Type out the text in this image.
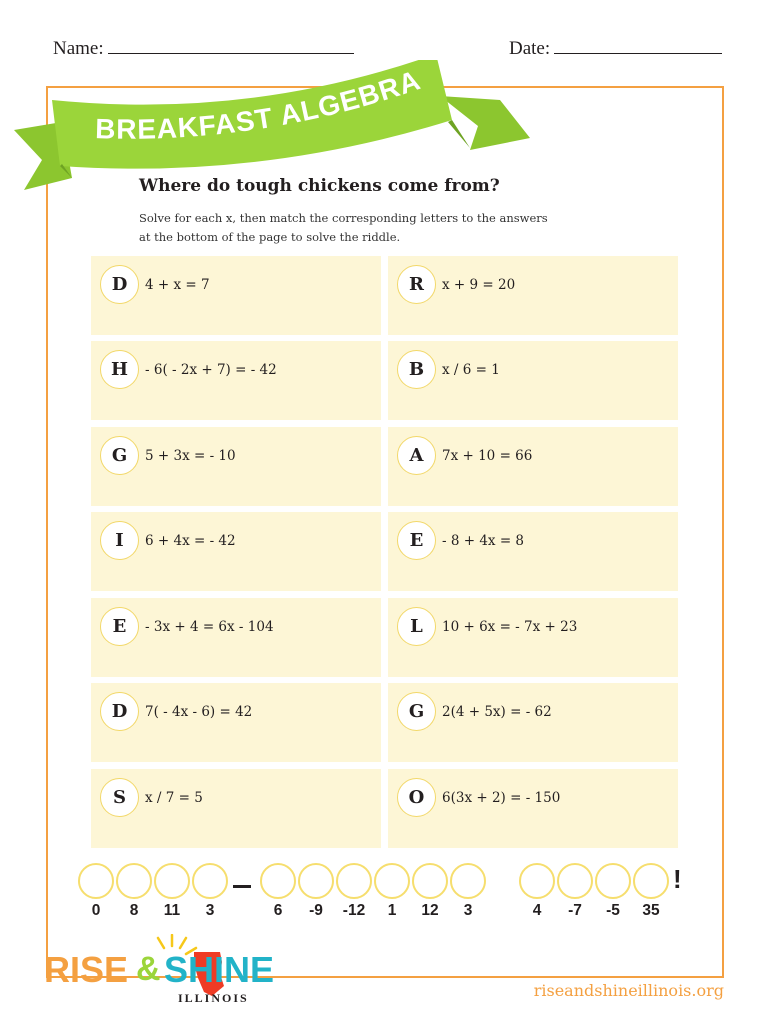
Name:	Date:
BREAKFAST ALGEBRA
Where do tough chickens come from?
Solve for each x, then match the corresponding letters to the answers
at the bottom of the page to solve the riddle.
D	4 + x = 7
H	- 6( - 2x + 7) = - 42
G	5 + 3x = - 10
I	6 + 4x = - 42
E	- 3x + 4 = 6x - 104
D	7( - 4x - 6) = 42
S	x / 7 = 5
R	x + 9 = 20
B	x / 6 = 1
A	7x + 10 = 66
E	- 8 + 4x = 8
L	10 + 6x = - 7x + 23
G	2(4 + 5x) = - 62
O	6(3x + 2) = - 150
!
0	8	11	3	6	-9	-12	1	12	3	4	-7	-5	35
RISE & SHINE
ILLINOIS	riseandshineillinois.org
